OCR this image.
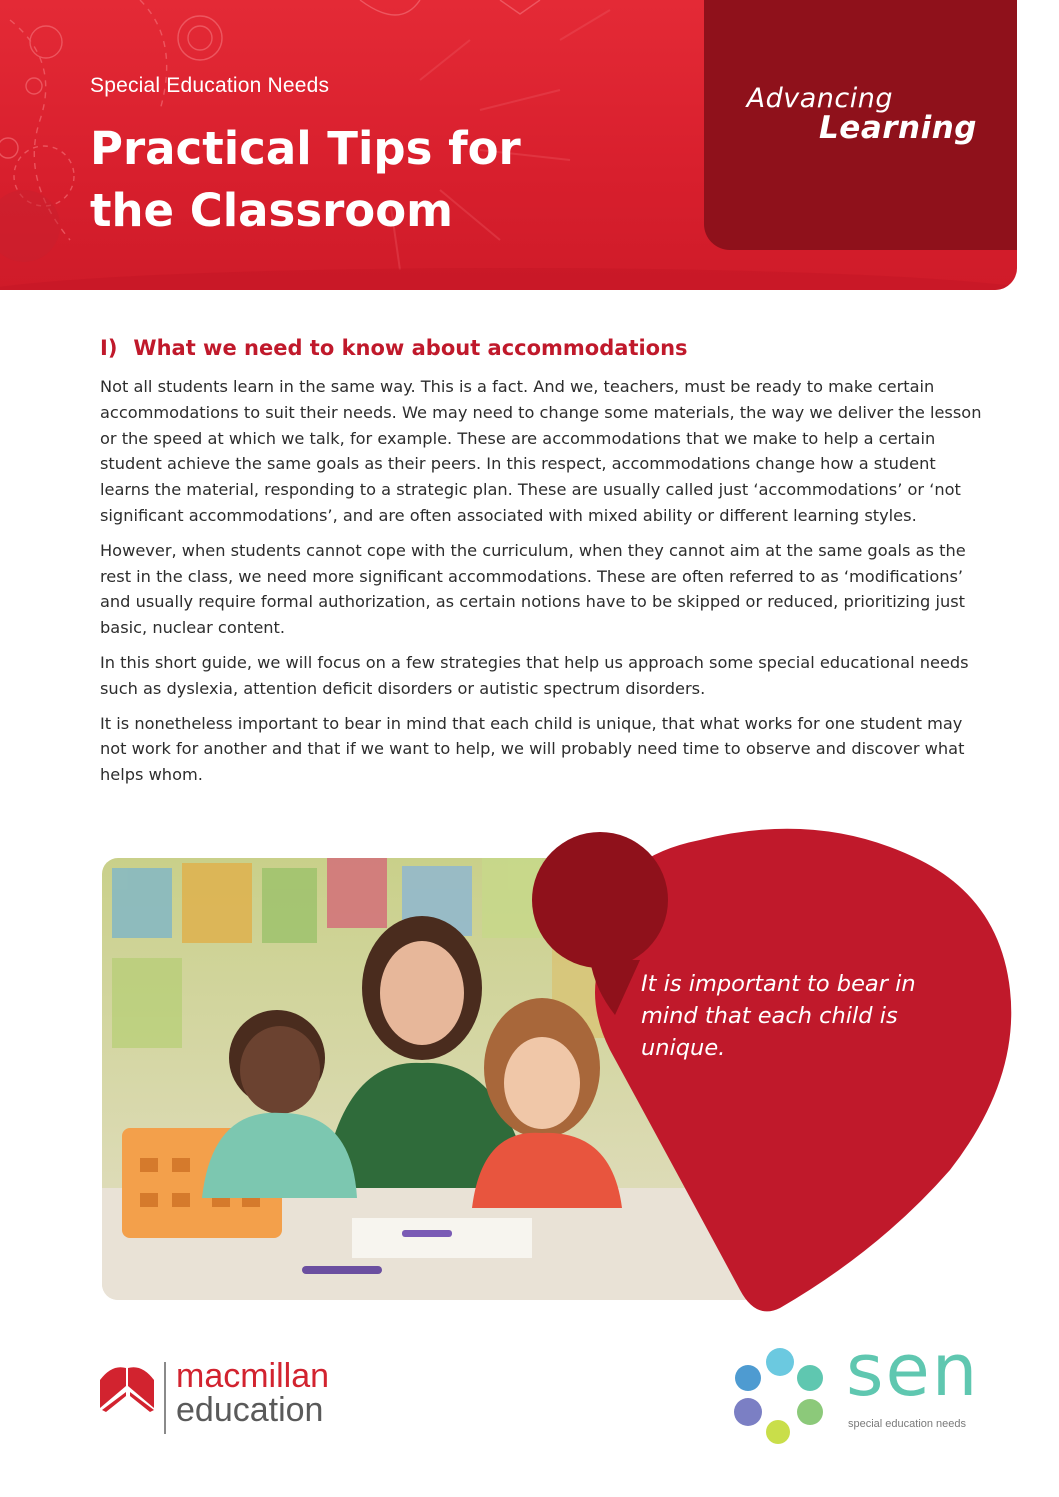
Special Education Needs
Practical Tips for
the Classroom
Advancing
Learning
I) What we need to know about accommodations

Not all students learn in the same way. This is a fact. And we, teachers, must be ready to make certain accommodations to suit their needs. We may need to change some materials, the way we deliver the lesson or the speed at which we talk, for example. These are accommodations that we make to help a certain student achieve the same goals as their peers. In this respect, accommodations change how a student learns the material, responding to a strategic plan. These are usually called just ‘accommodations’ or ‘not significant accommodations’, and are often associated with mixed ability or different learning styles.

However, when students cannot cope with the curriculum, when they cannot aim at the same goals as the rest in the class, we need more significant accommodations. These are often referred to as ‘modifications’ and usually require formal authorization, as certain notions have to be skipped or reduced, prioritizing just basic, nuclear content.

In this short guide, we will focus on a few strategies that help us approach some special educational needs such as dyslexia, attention deficit disorders or autistic spectrum disorders.

It is nonetheless important to bear in mind that each child is unique, that what works for one student may not work for another and that if we want to help, we will probably need time to observe and discover what helps whom.

It is important to bear in mind that each child is unique.
macmillan
education	sen
special education needs
